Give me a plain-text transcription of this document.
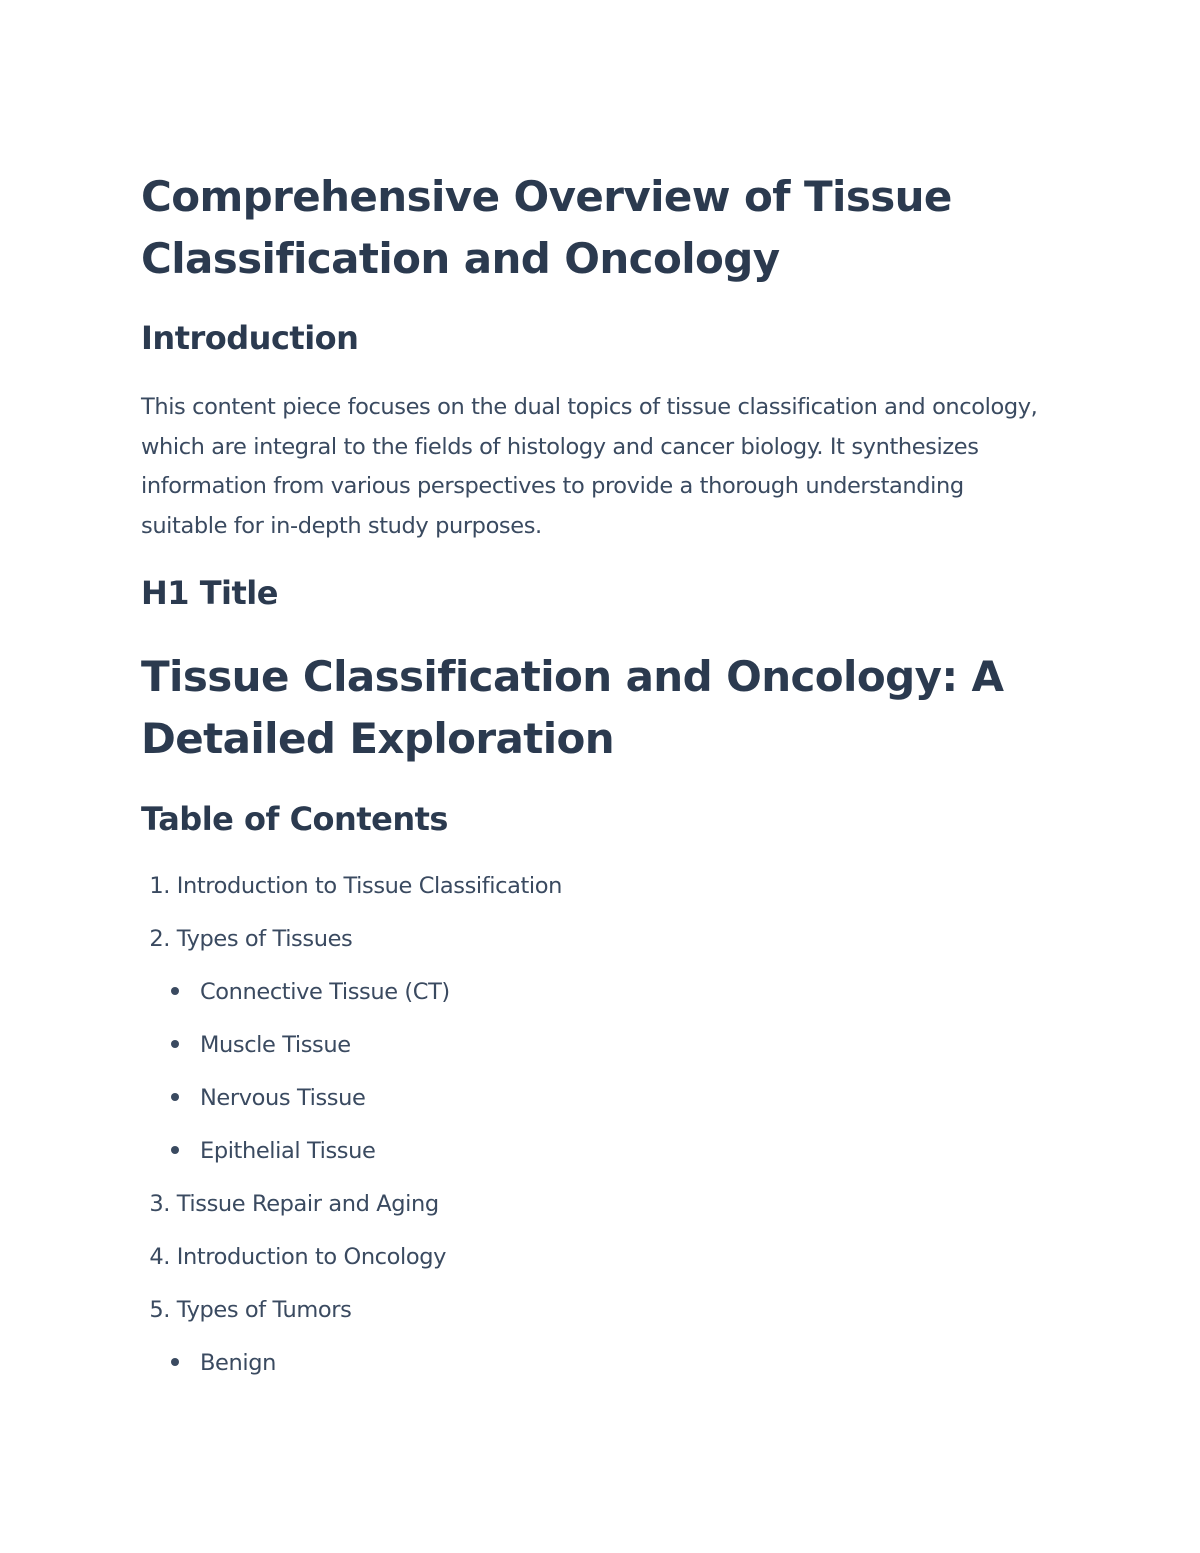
Comprehensive Overview of Tissue Classification and Oncology
Introduction

This content piece focuses on the dual topics of tissue classification and oncology, which are integral to the fields of histology and cancer biology. It synthesizes information from various perspectives to provide a thorough understanding suitable for in-depth study purposes.

H1 Title
Tissue Classification and Oncology: A Detailed Exploration
Table of Contents
1. Introduction to Tissue Classification
2. Types of Tissues
Connective Tissue (CT)
Muscle Tissue
Nervous Tissue
Epithelial Tissue
3. Tissue Repair and Aging
4. Introduction to Oncology
5. Types of Tumors
Benign
